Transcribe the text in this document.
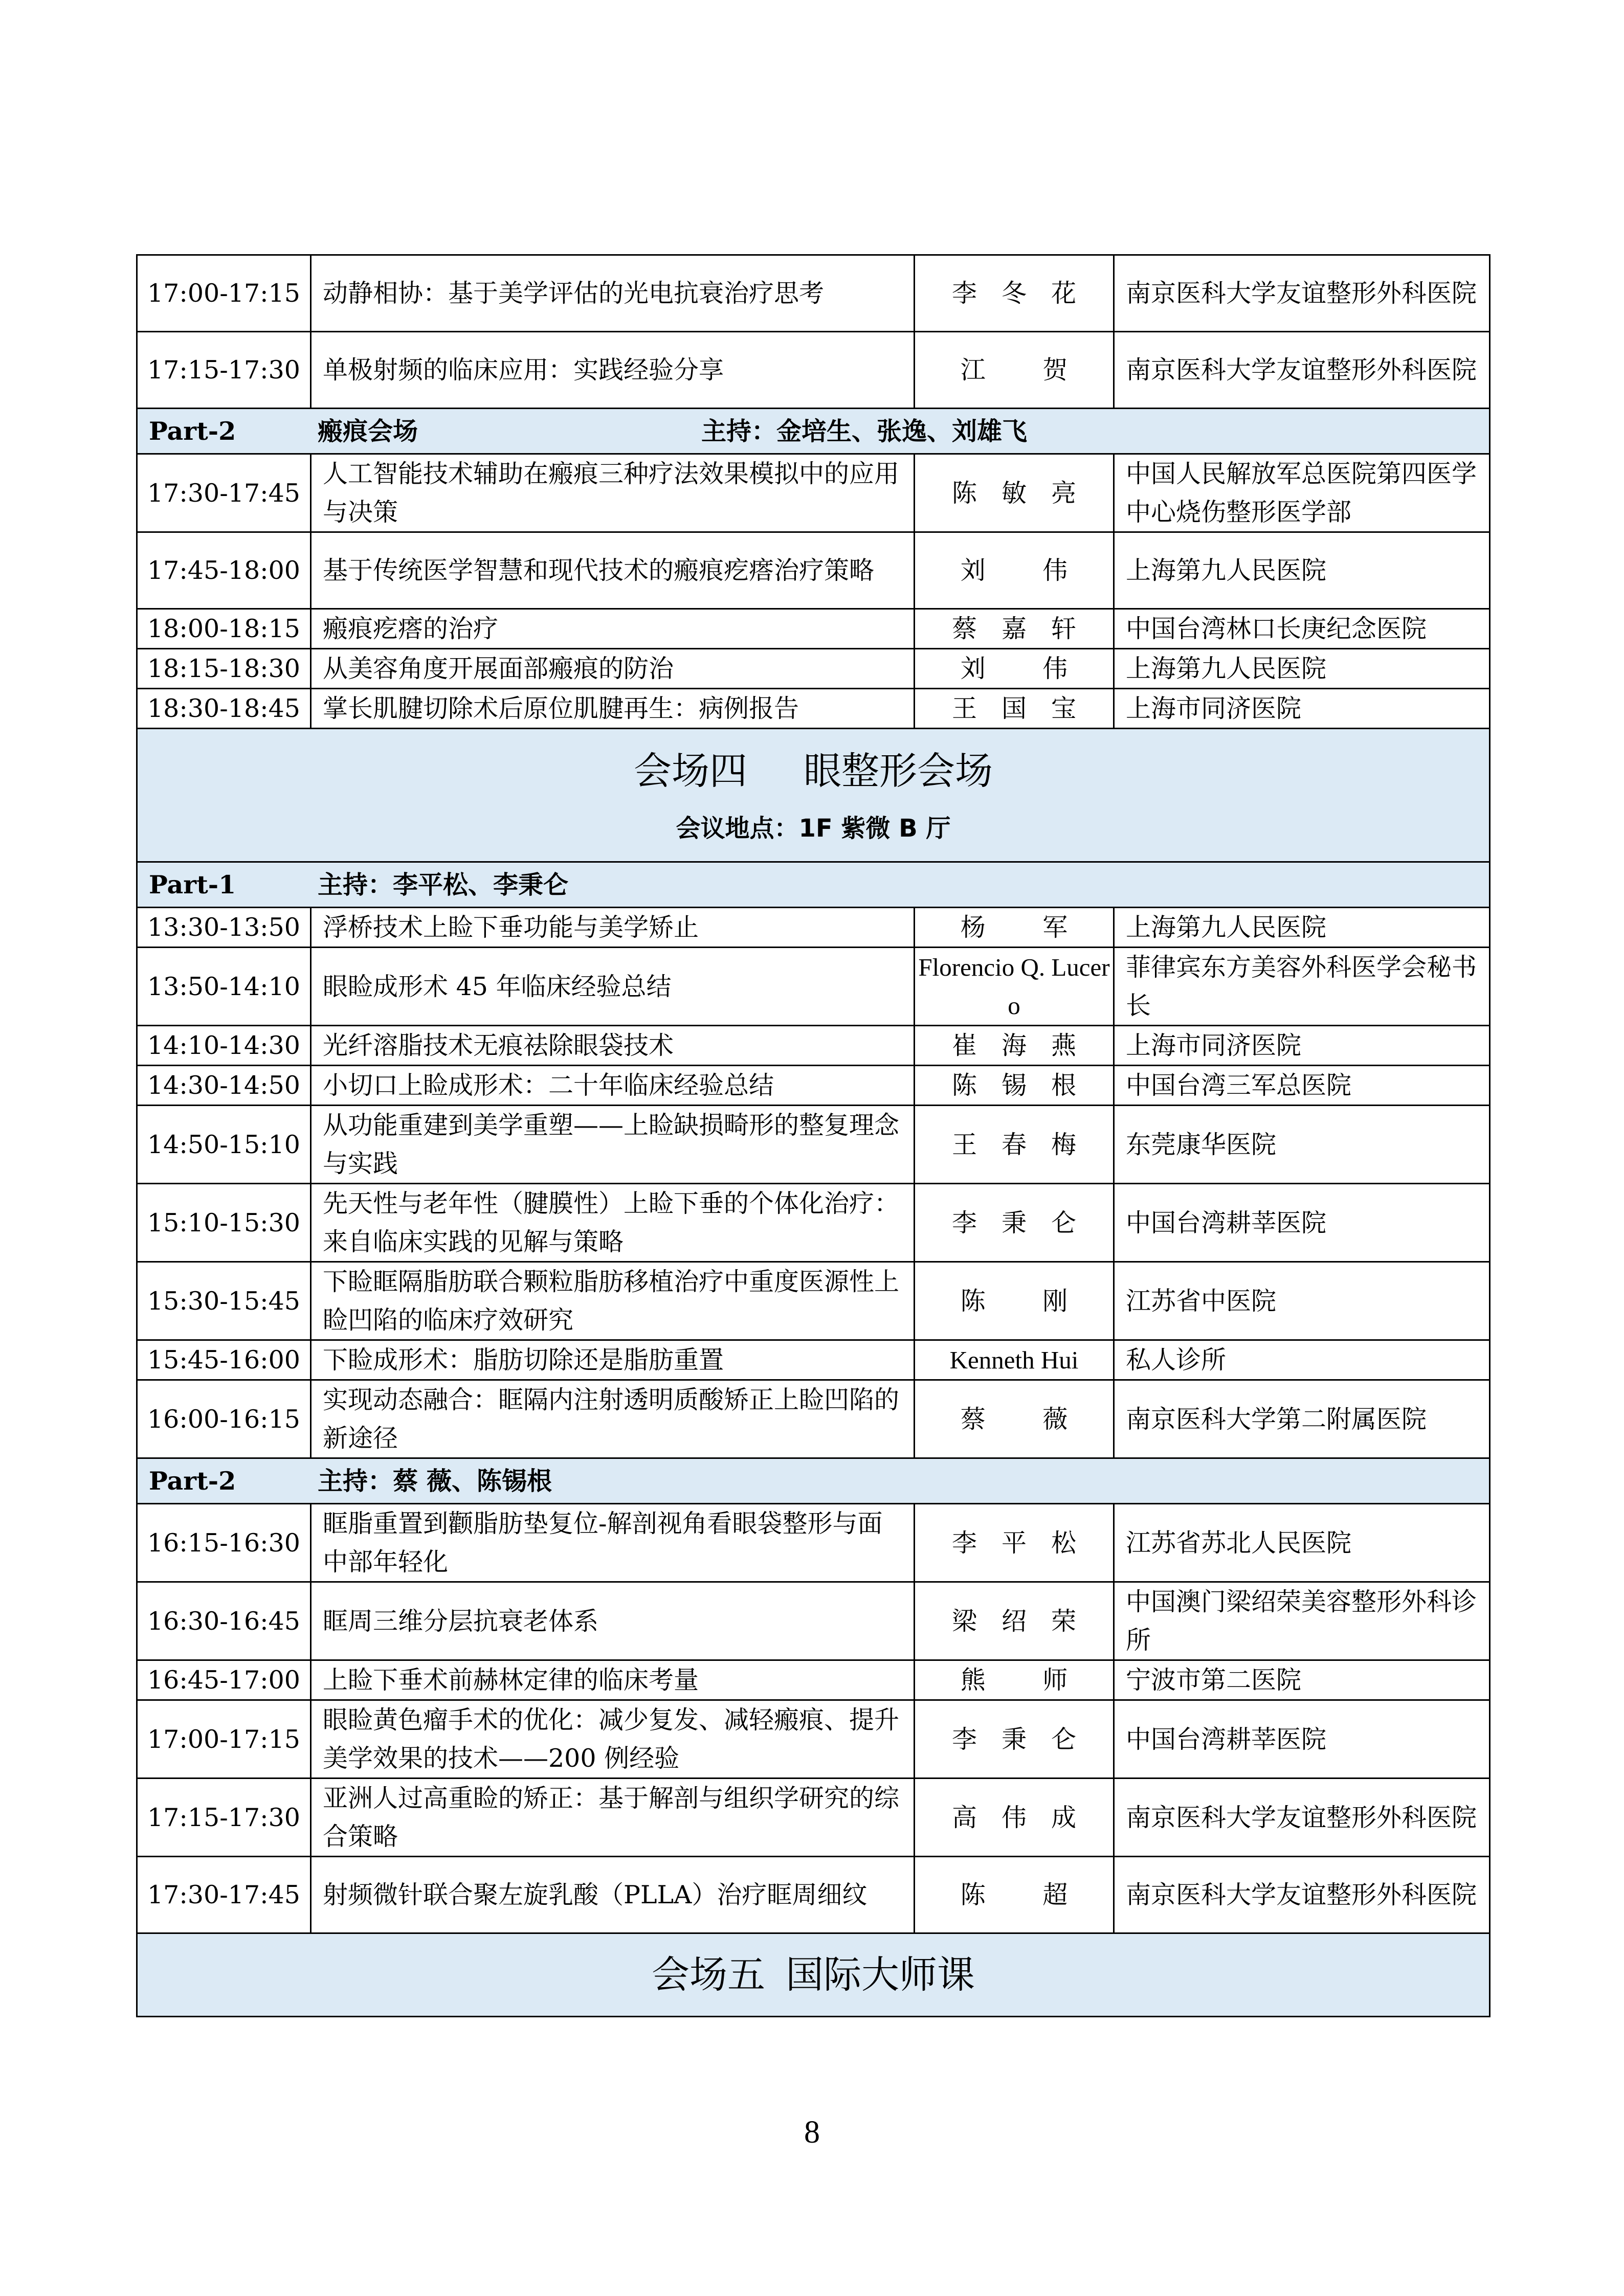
17:00-17:15	动静相协：基于美学评估的光电抗衰治疗思考	李冬花	南京医科大学友谊整形外科医院
17:15-17:30	单极射频的临床应用：实践经验分享	江 贺	南京医科大学友谊整形外科医院
Part-2 瘢痕会场 主持：金培生、张逸、刘雄飞			
17:30-17:45	人工智能技术辅助在瘢痕三种疗法效果模拟中的应用与决策	陈敏亮	中国人民解放军总医院第四医学中心烧伤整形医学部
17:45-18:00	基于传统医学智慧和现代技术的瘢痕疙瘩治疗策略	刘 伟	上海第九人民医院
18:00-18:15	瘢痕疙瘩的治疗	蔡嘉轩	中国台湾林口长庚纪念医院
18:15-18:30	从美容角度开展面部瘢痕的防治	刘 伟	上海第九人民医院
18:30-18:45	掌长肌腱切除术后原位肌腱再生：病例报告	王国宝	上海市同济医院

会场四 眼整形会场
会议地点：1F 紫微 B 厅			

Part-1 主持：李平松、李秉仑			
13:30-13:50	浮桥技术上睑下垂功能与美学矫止	杨 军	上海第九人民医院
13:50-14:10	眼睑成形术 45 年临床经验总结	Florencio Q. Lucero	菲律宾东方美容外科医学会秘书长
14:10-14:30	光纤溶脂技术无痕祛除眼袋技术	崔海燕	上海市同济医院
14:30-14:50	小切口上睑成形术：二十年临床经验总结	陈锡根	中国台湾三军总医院
14:50-15:10	从功能重建到美学重塑——上睑缺损畸形的整复理念与实践	王春梅	东莞康华医院
15:10-15:30	先天性与老年性（腱膜性）上睑下垂的个体化治疗：来自临床实践的见解与策略	李秉仑	中国台湾耕莘医院
15:30-15:45	下睑眶隔脂肪联合颗粒脂肪移植治疗中重度医源性上睑凹陷的临床疗效研究	陈 刚	江苏省中医院
15:45-16:00	下睑成形术：脂肪切除还是脂肪重置	Kenneth Hui	私人诊所
16:00-16:15	实现动态融合：眶隔内注射透明质酸矫正上睑凹陷的新途径	蔡 薇	南京医科大学第二附属医院
Part-2 主持：蔡 薇、陈锡根			
16:15-16:30	眶脂重置到颧脂肪垫复位-解剖视角看眼袋整形与面中部年轻化	李平松	江苏省苏北人民医院
16:30-16:45	眶周三维分层抗衰老体系	梁绍荣	中国澳门梁绍荣美容整形外科诊所
16:45-17:00	上睑下垂术前赫林定律的临床考量	熊 师	宁波市第二医院
17:00-17:15	眼睑黄色瘤手术的优化：减少复发、减轻瘢痕、提升美学效果的技术——200 例经验	李秉仑	中国台湾耕莘医院
17:15-17:30	亚洲人过高重睑的矫正：基于解剖与组织学研究的综合策略	高伟成	南京医科大学友谊整形外科医院
17:30-17:45	射频微针联合聚左旋乳酸（PLLA）治疗眶周细纹	陈 超	南京医科大学友谊整形外科医院

会场五 国际大师课			
8
